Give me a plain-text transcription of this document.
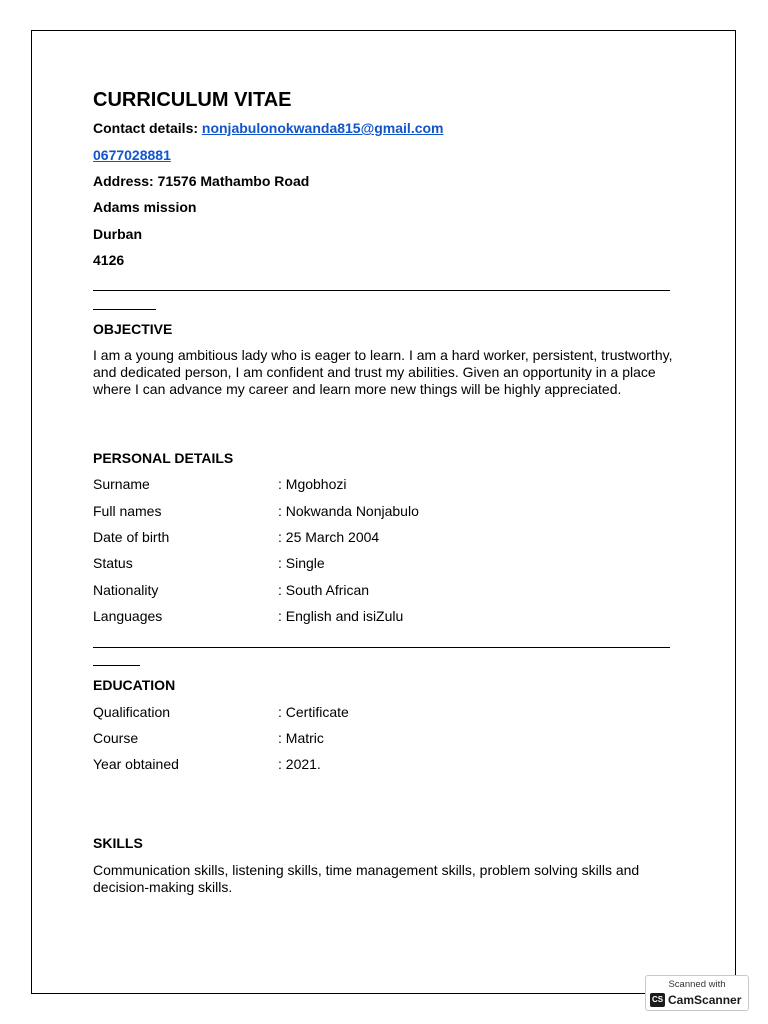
CURRICULUM VITAE
Contact details: nonjabulonokwanda815@gmail.com
0677028881
Address: 71576 Mathambo Road
Adams mission
Durban
4126
OBJECTIVE
I am a young ambitious lady who is eager to learn. I am a hard worker, persistent, trustworthy, and dedicated person, I am confident and trust my abilities. Given an opportunity in a place where I can advance my career and learn more new things will be highly appreciated.
PERSONAL DETAILS
Surname	: Mgobhozi
Full names	: Nokwanda Nonjabulo
Date of birth	: 25 March 2004
Status	: Single
Nationality	: South African
Languages	: English and isiZulu
EDUCATION
Qualification	: Certificate
Course	: Matric
Year obtained	: 2021.
SKILLS
Communication skills, listening skills, time management skills, problem solving skills and decision-making skills.
Scanned with
CS CamScanner
